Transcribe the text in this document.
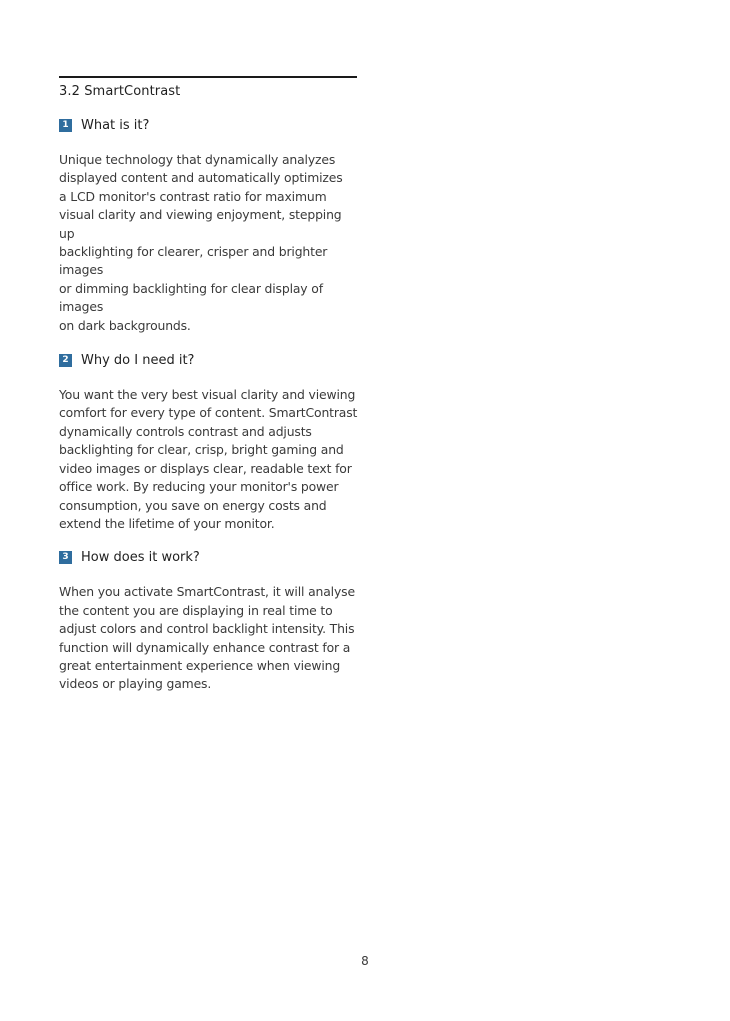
3.2 SmartContrast
1 What is it?
Unique technology that dynamically analyzes
displayed content and automatically optimizes
a LCD monitor's contrast ratio for maximum
visual clarity and viewing enjoyment, stepping up
backlighting for clearer, crisper and brighter images
or dimming backlighting for clear display of images
on dark backgrounds.
2 Why do I need it?
You want the very best visual clarity and viewing
comfort for every type of content. SmartContrast
dynamically controls contrast and adjusts
backlighting for clear, crisp, bright gaming and
video images or displays clear, readable text for
office work. By reducing your monitor's power
consumption, you save on energy costs and
extend the lifetime of your monitor.
3 How does it work?
When you activate SmartContrast, it will analyse
the content you are displaying in real time to
adjust colors and control backlight intensity. This
function will dynamically enhance contrast for a
great entertainment experience when viewing
videos or playing games.
8
